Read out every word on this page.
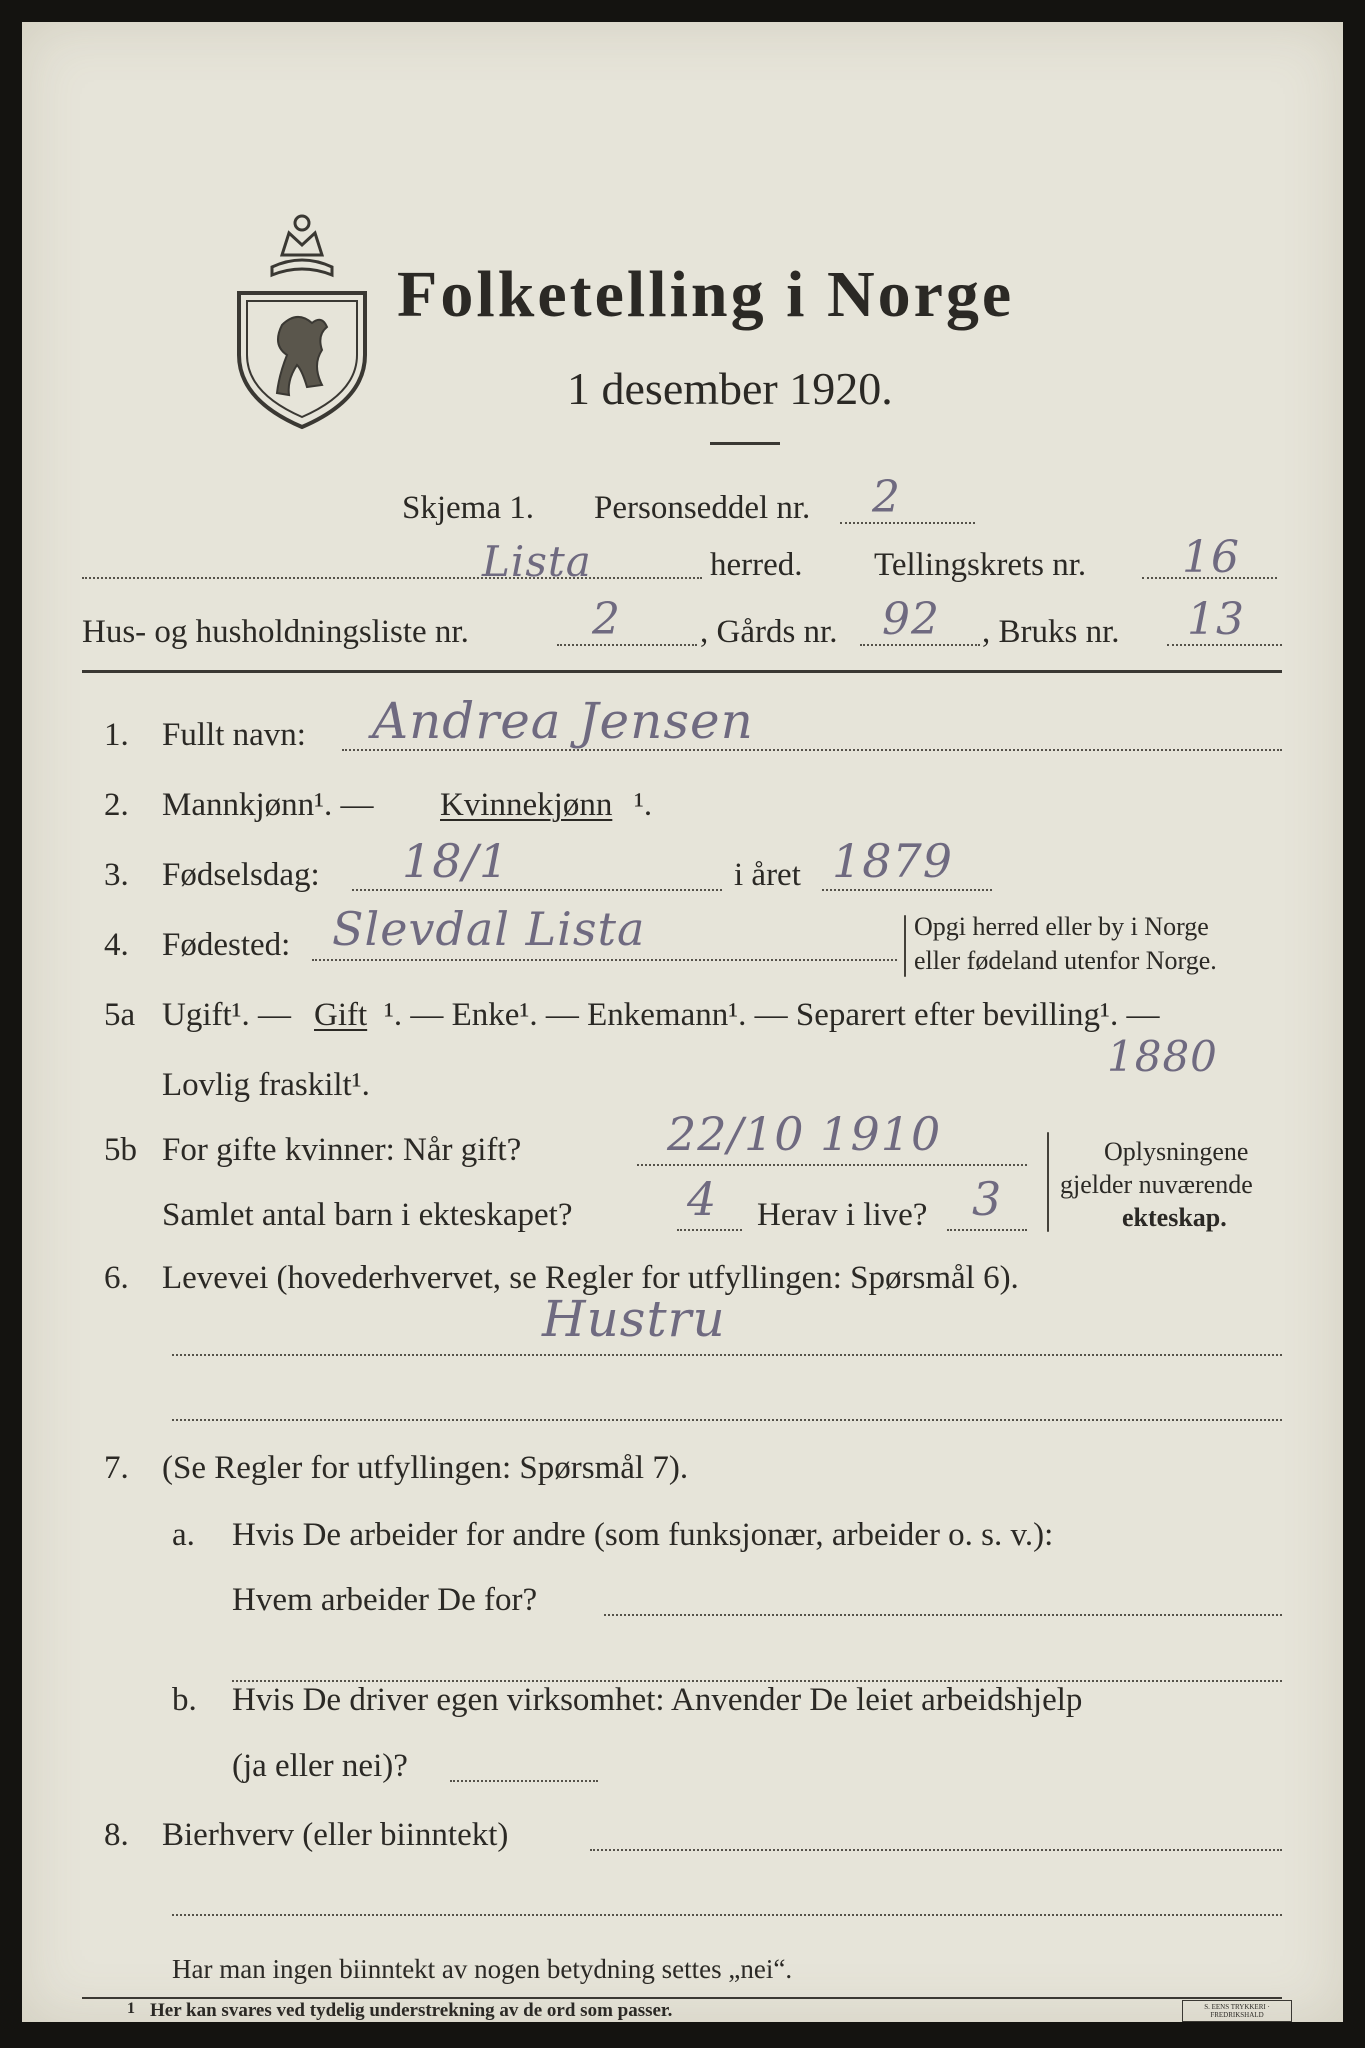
Folketelling i Norge
1 desember 1920.
Skjema 1. Personseddel nr. 2
Lista	herred. Tellingskrets nr. 16
Hus- og husholdningsliste nr.	2 , Gårds nr. 92 , Bruks nr. 13
1. Fullt navn: Andrea Jensen
2. Mannkjønn¹. — Kvinnekjønn ¹.
3. Fødselsdag: 18/1	i året 1879
4. Fødested: Slevdal Lista	Opgi herred eller by i Norge
eller fødeland utenfor Norge.
5a Ugift¹. — Gift ¹. — Enke¹. — Enkemann¹. — Separert efter bevilling¹. —
Lovlig fraskilt¹.
1880
5b For gifte kvinner: Når gift?	22/10 1910
Samlet antal barn i ekteskapet? 4 Herav i live? 3
Oplysningene
gjelder nuværende
ekteskap.
6. Levevei (hovederhvervet, se Regler for utfyllingen: Spørsmål 6).
Hustru
7. (Se Regler for utfyllingen: Spørsmål 7).
a. Hvis De arbeider for andre (som funksjonær, arbeider o. s. v.):
Hvem arbeider De for?
b. Hvis De driver egen virksomhet: Anvender De leiet arbeidshjelp
(ja eller nei)?
8. Bierhverv (eller biinntekt)
Har man ingen biinntekt av nogen betydning settes „nei“.
1 Her kan svares ved tydelig understrekning av de ord som passer.	S. EENS TRYKKERI · FREDRIKSHALD
